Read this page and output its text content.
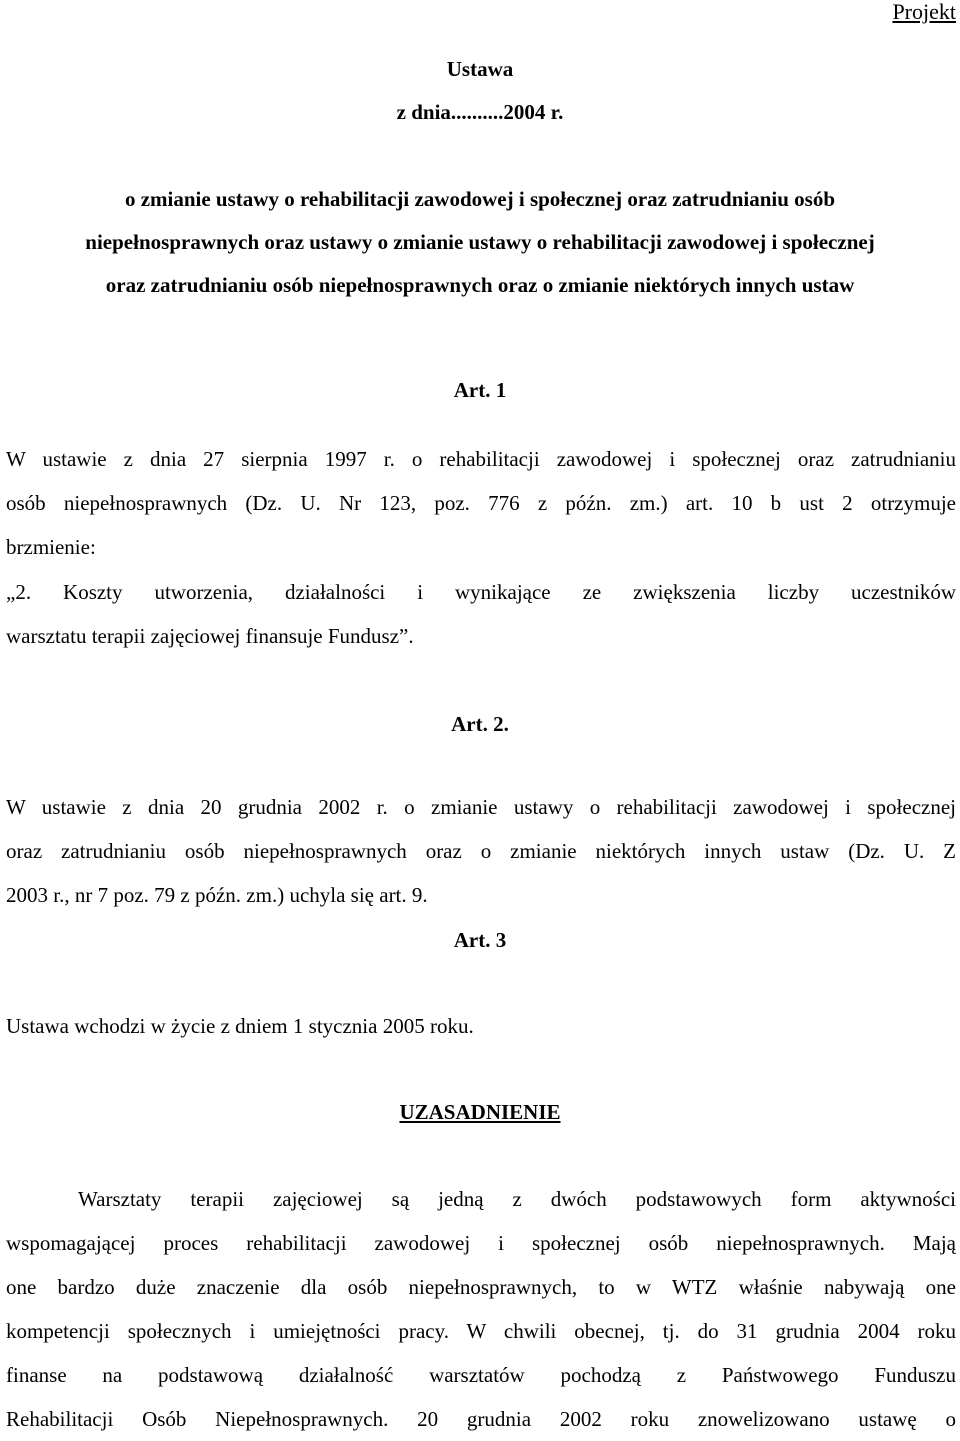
Projekt
Ustawa
z dnia..........2004 r.
o zmianie ustawy o rehabilitacji zawodowej i społecznej oraz zatrudnianiu osób
niepełnosprawnych oraz ustawy o zmianie ustawy o rehabilitacji zawodowej i społecznej
oraz zatrudnianiu osób niepełnosprawnych oraz o zmianie niektórych innych ustaw
Art. 1
W ustawie z dnia 27 sierpnia 1997 r. o rehabilitacji zawodowej i społecznej oraz zatrudnianiu
osób niepełnosprawnych (Dz. U. Nr 123, poz. 776 z późn. zm.) art. 10 b ust 2 otrzymuje
brzmienie:
„2. Koszty utworzenia, działalności i wynikające ze zwiększenia liczby uczestników
warsztatu terapii zajęciowej finansuje Fundusz”.
Art. 2.
W ustawie z dnia 20 grudnia 2002 r. o zmianie ustawy o rehabilitacji zawodowej i społecznej
oraz zatrudnianiu osób niepełnosprawnych oraz o zmianie niektórych innych ustaw (Dz. U. Z
2003 r., nr 7 poz. 79 z późn. zm.) uchyla się art. 9.
Art. 3
Ustawa wchodzi w życie z dniem 1 stycznia 2005 roku.
UZASADNIENIE
Warsztaty terapii zajęciowej są jedną z dwóch podstawowych form aktywności
wspomagającej proces rehabilitacji zawodowej i społecznej osób niepełnosprawnych. Mają
one bardzo duże znaczenie dla osób niepełnosprawnych, to w WTZ właśnie nabywają one
kompetencji społecznych i umiejętności pracy. W chwili obecnej, tj. do 31 grudnia 2004 roku
finanse na podstawową działalność warsztatów pochodzą z Państwowego Funduszu
Rehabilitacji Osób Niepełnosprawnych. 20 grudnia 2002 roku znowelizowano ustawę o
